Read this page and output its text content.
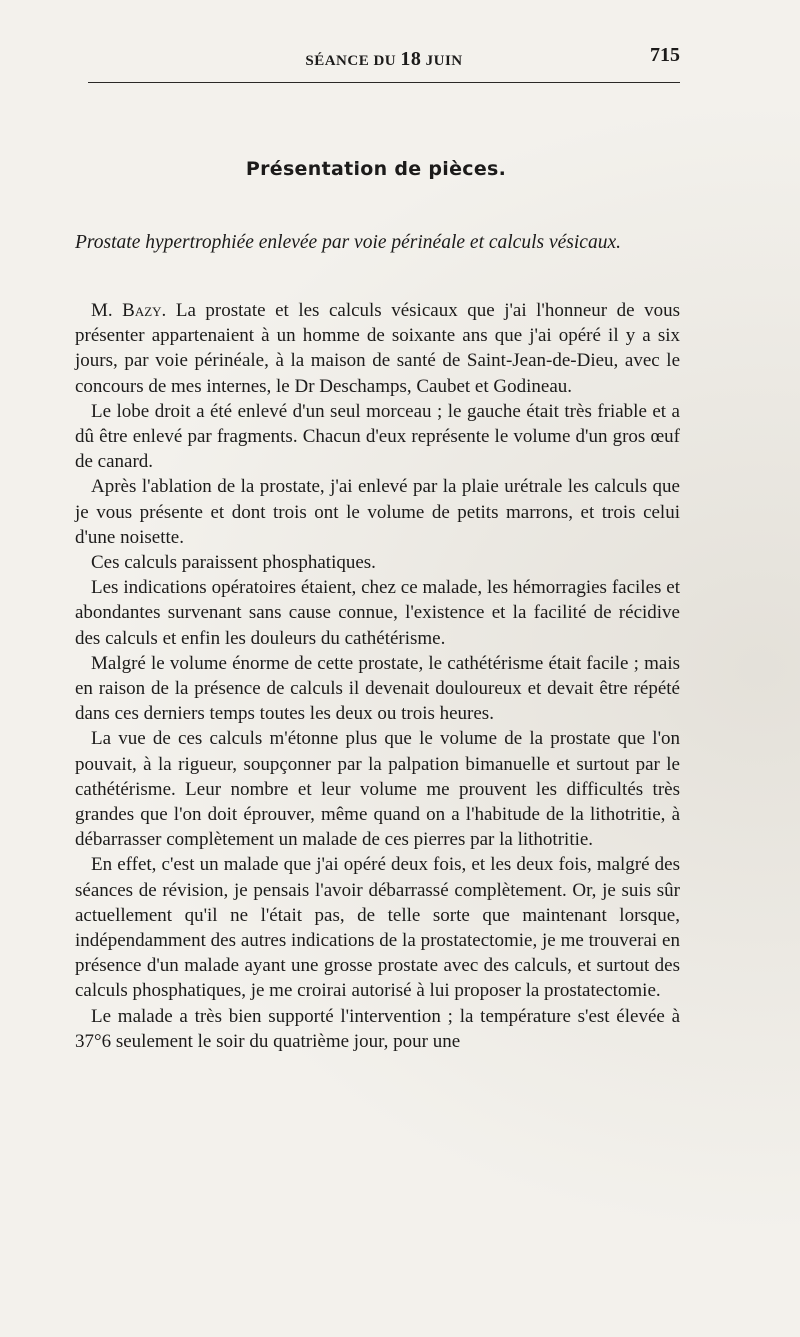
SÉANCE DU 18 JUIN	715
Présentation de pièces.
Prostate hypertrophiée enlevée par voie périnéale et calculs vésicaux.

M. Bazy. La prostate et les calculs vésicaux que j'ai l'honneur de vous présenter appartenaient à un homme de soixante ans que j'ai opéré il y a six jours, par voie périnéale, à la maison de santé de Saint-Jean-de-Dieu, avec le concours de mes internes, le Dr Deschamps, Caubet et Godineau.

Le lobe droit a été enlevé d'un seul morceau ; le gauche était très friable et a dû être enlevé par fragments. Chacun d'eux représente le volume d'un gros œuf de canard.

Après l'ablation de la prostate, j'ai enlevé par la plaie urétrale les calculs que je vous présente et dont trois ont le volume de petits marrons, et trois celui d'une noisette.

Ces calculs paraissent phosphatiques.

Les indications opératoires étaient, chez ce malade, les hémorragies faciles et abondantes survenant sans cause connue, l'existence et la facilité de récidive des calculs et enfin les douleurs du cathétérisme.

Malgré le volume énorme de cette prostate, le cathétérisme était facile ; mais en raison de la présence de calculs il devenait douloureux et devait être répété dans ces derniers temps toutes les deux ou trois heures.

La vue de ces calculs m'étonne plus que le volume de la prostate que l'on pouvait, à la rigueur, soupçonner par la palpation bimanuelle et surtout par le cathétérisme. Leur nombre et leur volume me prouvent les difficultés très grandes que l'on doit éprouver, même quand on a l'habitude de la lithotritie, à débarrasser complètement un malade de ces pierres par la lithotritie.

En effet, c'est un malade que j'ai opéré deux fois, et les deux fois, malgré des séances de révision, je pensais l'avoir débarrassé complètement. Or, je suis sûr actuellement qu'il ne l'était pas, de telle sorte que maintenant lorsque, indépendamment des autres indications de la prostatectomie, je me trouverai en présence d'un malade ayant une grosse prostate avec des calculs, et surtout des calculs phosphatiques, je me croirai autorisé à lui proposer la prostatectomie.

Le malade a très bien supporté l'intervention ; la température s'est élevée à 37°6 seulement le soir du quatrième jour, pour une
